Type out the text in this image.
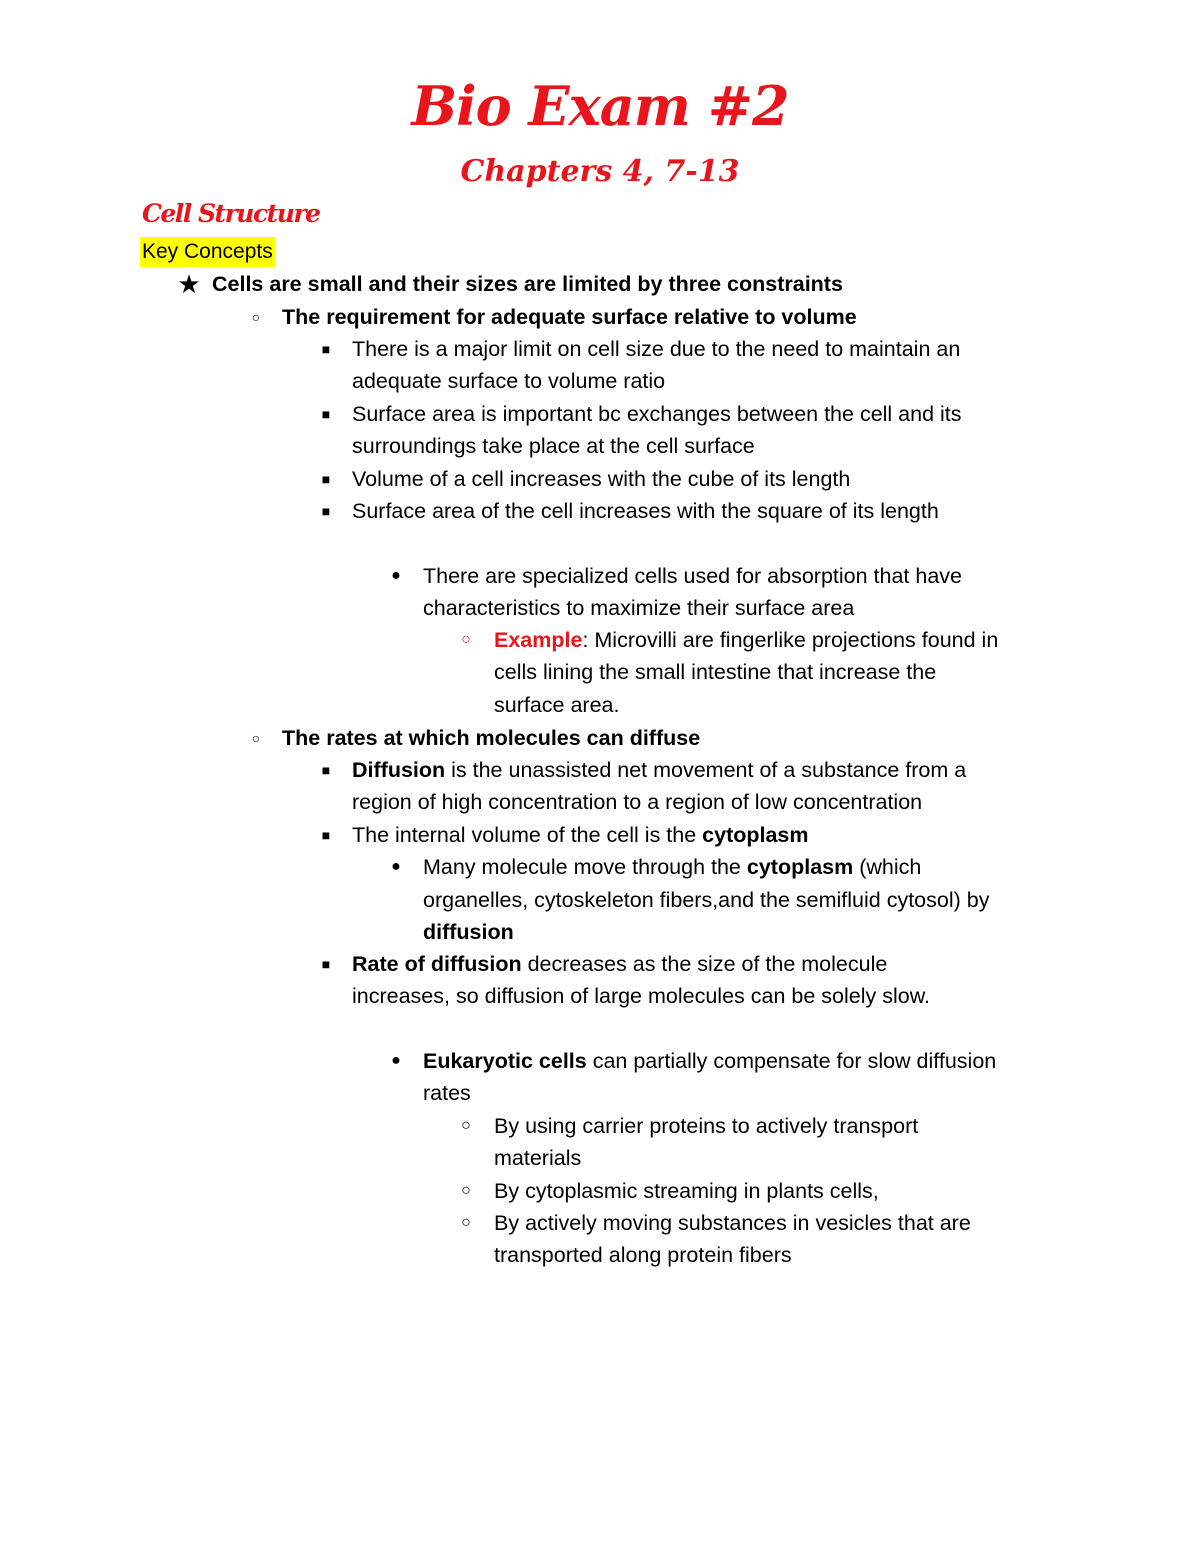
Bio Exam #2
Chapters 4, 7-13
Cell Structure
Key Concepts
★ Cells are small and their sizes are limited by three constraints
○ The requirement for adequate surface relative to volume
■ There is a major limit on cell size due to the need to maintain an
adequate surface to volume ratio
■ Surface area is important bc exchanges between the cell and its
surroundings take place at the cell surface
■ Volume of a cell increases with the cube of its length
■ Surface area of the cell increases with the square of its length
● There are specialized cells used for absorption that have
characteristics to maximize their surface area
○ Example: Microvilli are fingerlike projections found in
cells lining the small intestine that increase the
surface area.
○ The rates at which molecules can diffuse
■ Diffusion is the unassisted net movement of a substance from a
region of high concentration to a region of low concentration
■ The internal volume of the cell is the cytoplasm
● Many molecule move through the cytoplasm (which
organelles, cytoskeleton fibers,and the semifluid cytosol) by
diffusion
■ Rate of diffusion decreases as the size of the molecule
increases, so diffusion of large molecules can be solely slow.
● Eukaryotic cells can partially compensate for slow diffusion
rates
○ By using carrier proteins to actively transport
materials
○ By cytoplasmic streaming in plants cells,
○ By actively moving substances in vesicles that are
transported along protein fibers
